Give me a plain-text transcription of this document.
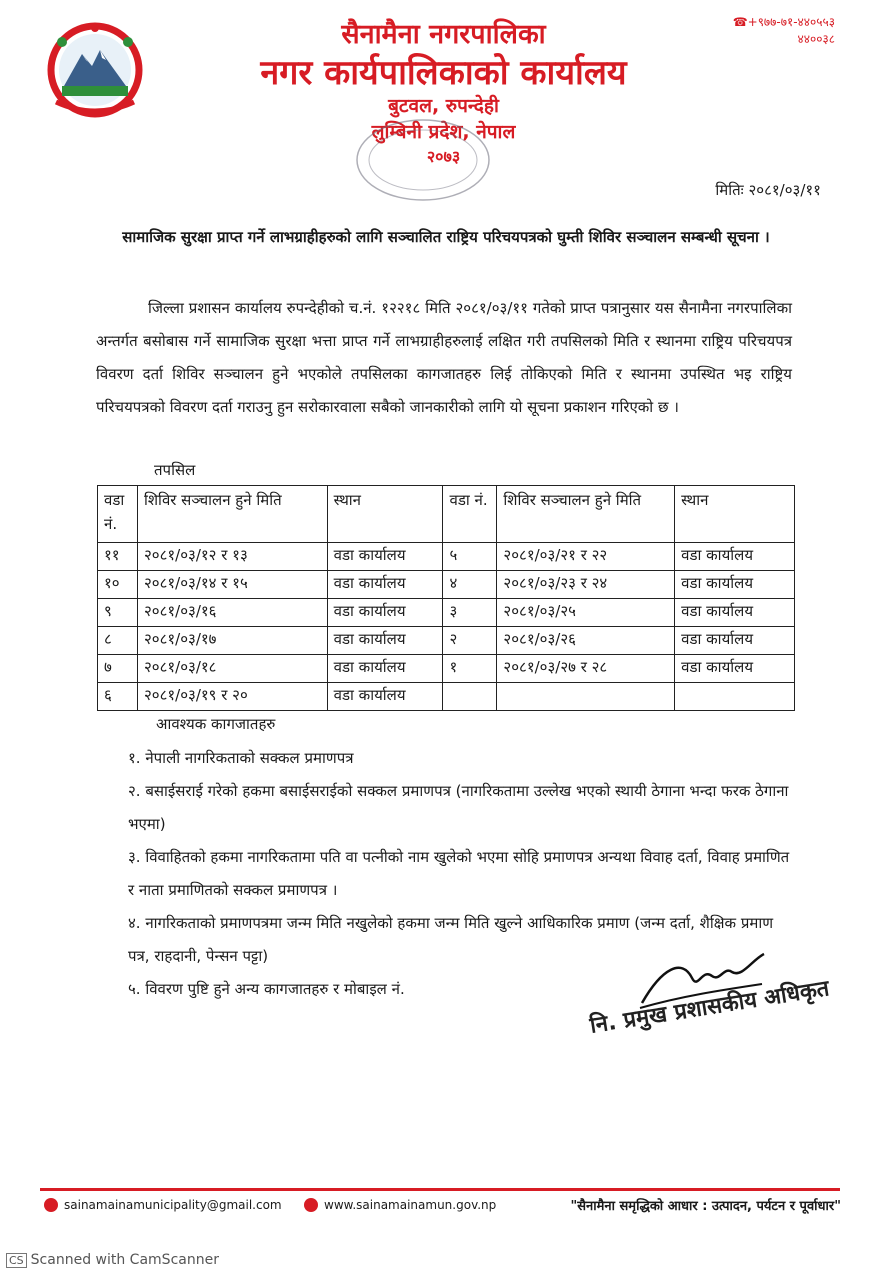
सैनामैना नगरपालिका
नगर कार्यपालिकाको कार्यालय
बुटवल, रुपन्देही
लुम्बिनी प्रदेश, नेपाल
२०७३
☎+९७७-७१-४४०५५३
४४००३८
मितिः २०८१/०३/११
सामाजिक सुरक्षा प्राप्त गर्ने लाभग्राहीहरुको लागि सञ्चालित राष्ट्रिय परिचयपत्रको घुम्ती शिविर सञ्चालन सम्बन्धी सूचना ।
जिल्ला प्रशासन कार्यालय रुपन्देहीको च.नं. १२२१८ मिति २०८१/०३/११ गतेको प्राप्त पत्रानुसार यस सैनामैना नगरपालिका अन्तर्गत बसोबास गर्ने सामाजिक सुरक्षा भत्ता प्राप्त गर्ने लाभग्राहीहरुलाई लक्षित गरी तपसिलको मिति र स्थानमा राष्ट्रिय परिचयपत्र विवरण दर्ता शिविर सञ्चालन हुने भएकोले तपसिलका कागजातहरु लिई तोकिएको मिति र स्थानमा उपस्थित भइ राष्ट्रिय परिचयपत्रको विवरण दर्ता गराउनु हुन सरोकारवाला सबैको जानकारीको लागि यो सूचना प्रकाशन गरिएको छ ।
तपसिल
वडा नं.	शिविर सञ्चालन हुने मिति	स्थान	वडा नं.	शिविर सञ्चालन हुने मिति	स्थान
११	२०८१/०३/१२ र १३	वडा कार्यालय	५	२०८१/०३/२१ र २२	वडा कार्यालय
१०	२०८१/०३/१४ र १५	वडा कार्यालय	४	२०८१/०३/२३ र २४	वडा कार्यालय
९	२०८१/०३/१६	वडा कार्यालय	३	२०८१/०३/२५	वडा कार्यालय
८	२०८१/०३/१७	वडा कार्यालय	२	२०८१/०३/२६	वडा कार्यालय
७	२०८१/०३/१८	वडा कार्यालय	१	२०८१/०३/२७ र २८	वडा कार्यालय
६	२०८१/०३/१९ र २०	वडा कार्यालय			
आवश्यक कागजातहरु
१. नेपाली नागरिकताको सक्कल प्रमाणपत्र
२. बसाईसराई गरेको हकमा बसाईसराईको सक्कल प्रमाणपत्र (नागरिकतामा उल्लेख भएको स्थायी ठेगाना भन्दा फरक ठेगाना भएमा)
३. विवाहितको हकमा नागरिकतामा पति वा पत्नीको नाम खुलेको भएमा सोहि प्रमाणपत्र अन्यथा विवाह दर्ता, विवाह प्रमाणित र नाता प्रमाणितको सक्कल प्रमाणपत्र ।
४. नागरिकताको प्रमाणपत्रमा जन्म मिति नखुलेको हकमा जन्म मिति खुल्ने आधिकारिक प्रमाण (जन्म दर्ता, शैक्षिक प्रमाण पत्र, राहदानी, पेन्सन पट्टा)
५. विवरण पुष्टि हुने अन्य कागजातहरु र मोबाइल नं.	नि. प्रमुख प्रशासकीय अधिकृत
sainamainamunicipality@gmail.com	www.sainamainamun.gov.np	"सैनामैना समृद्धिको आधार : उत्पादन, पर्यटन र पूर्वाधार"
CS Scanned with CamScanner
